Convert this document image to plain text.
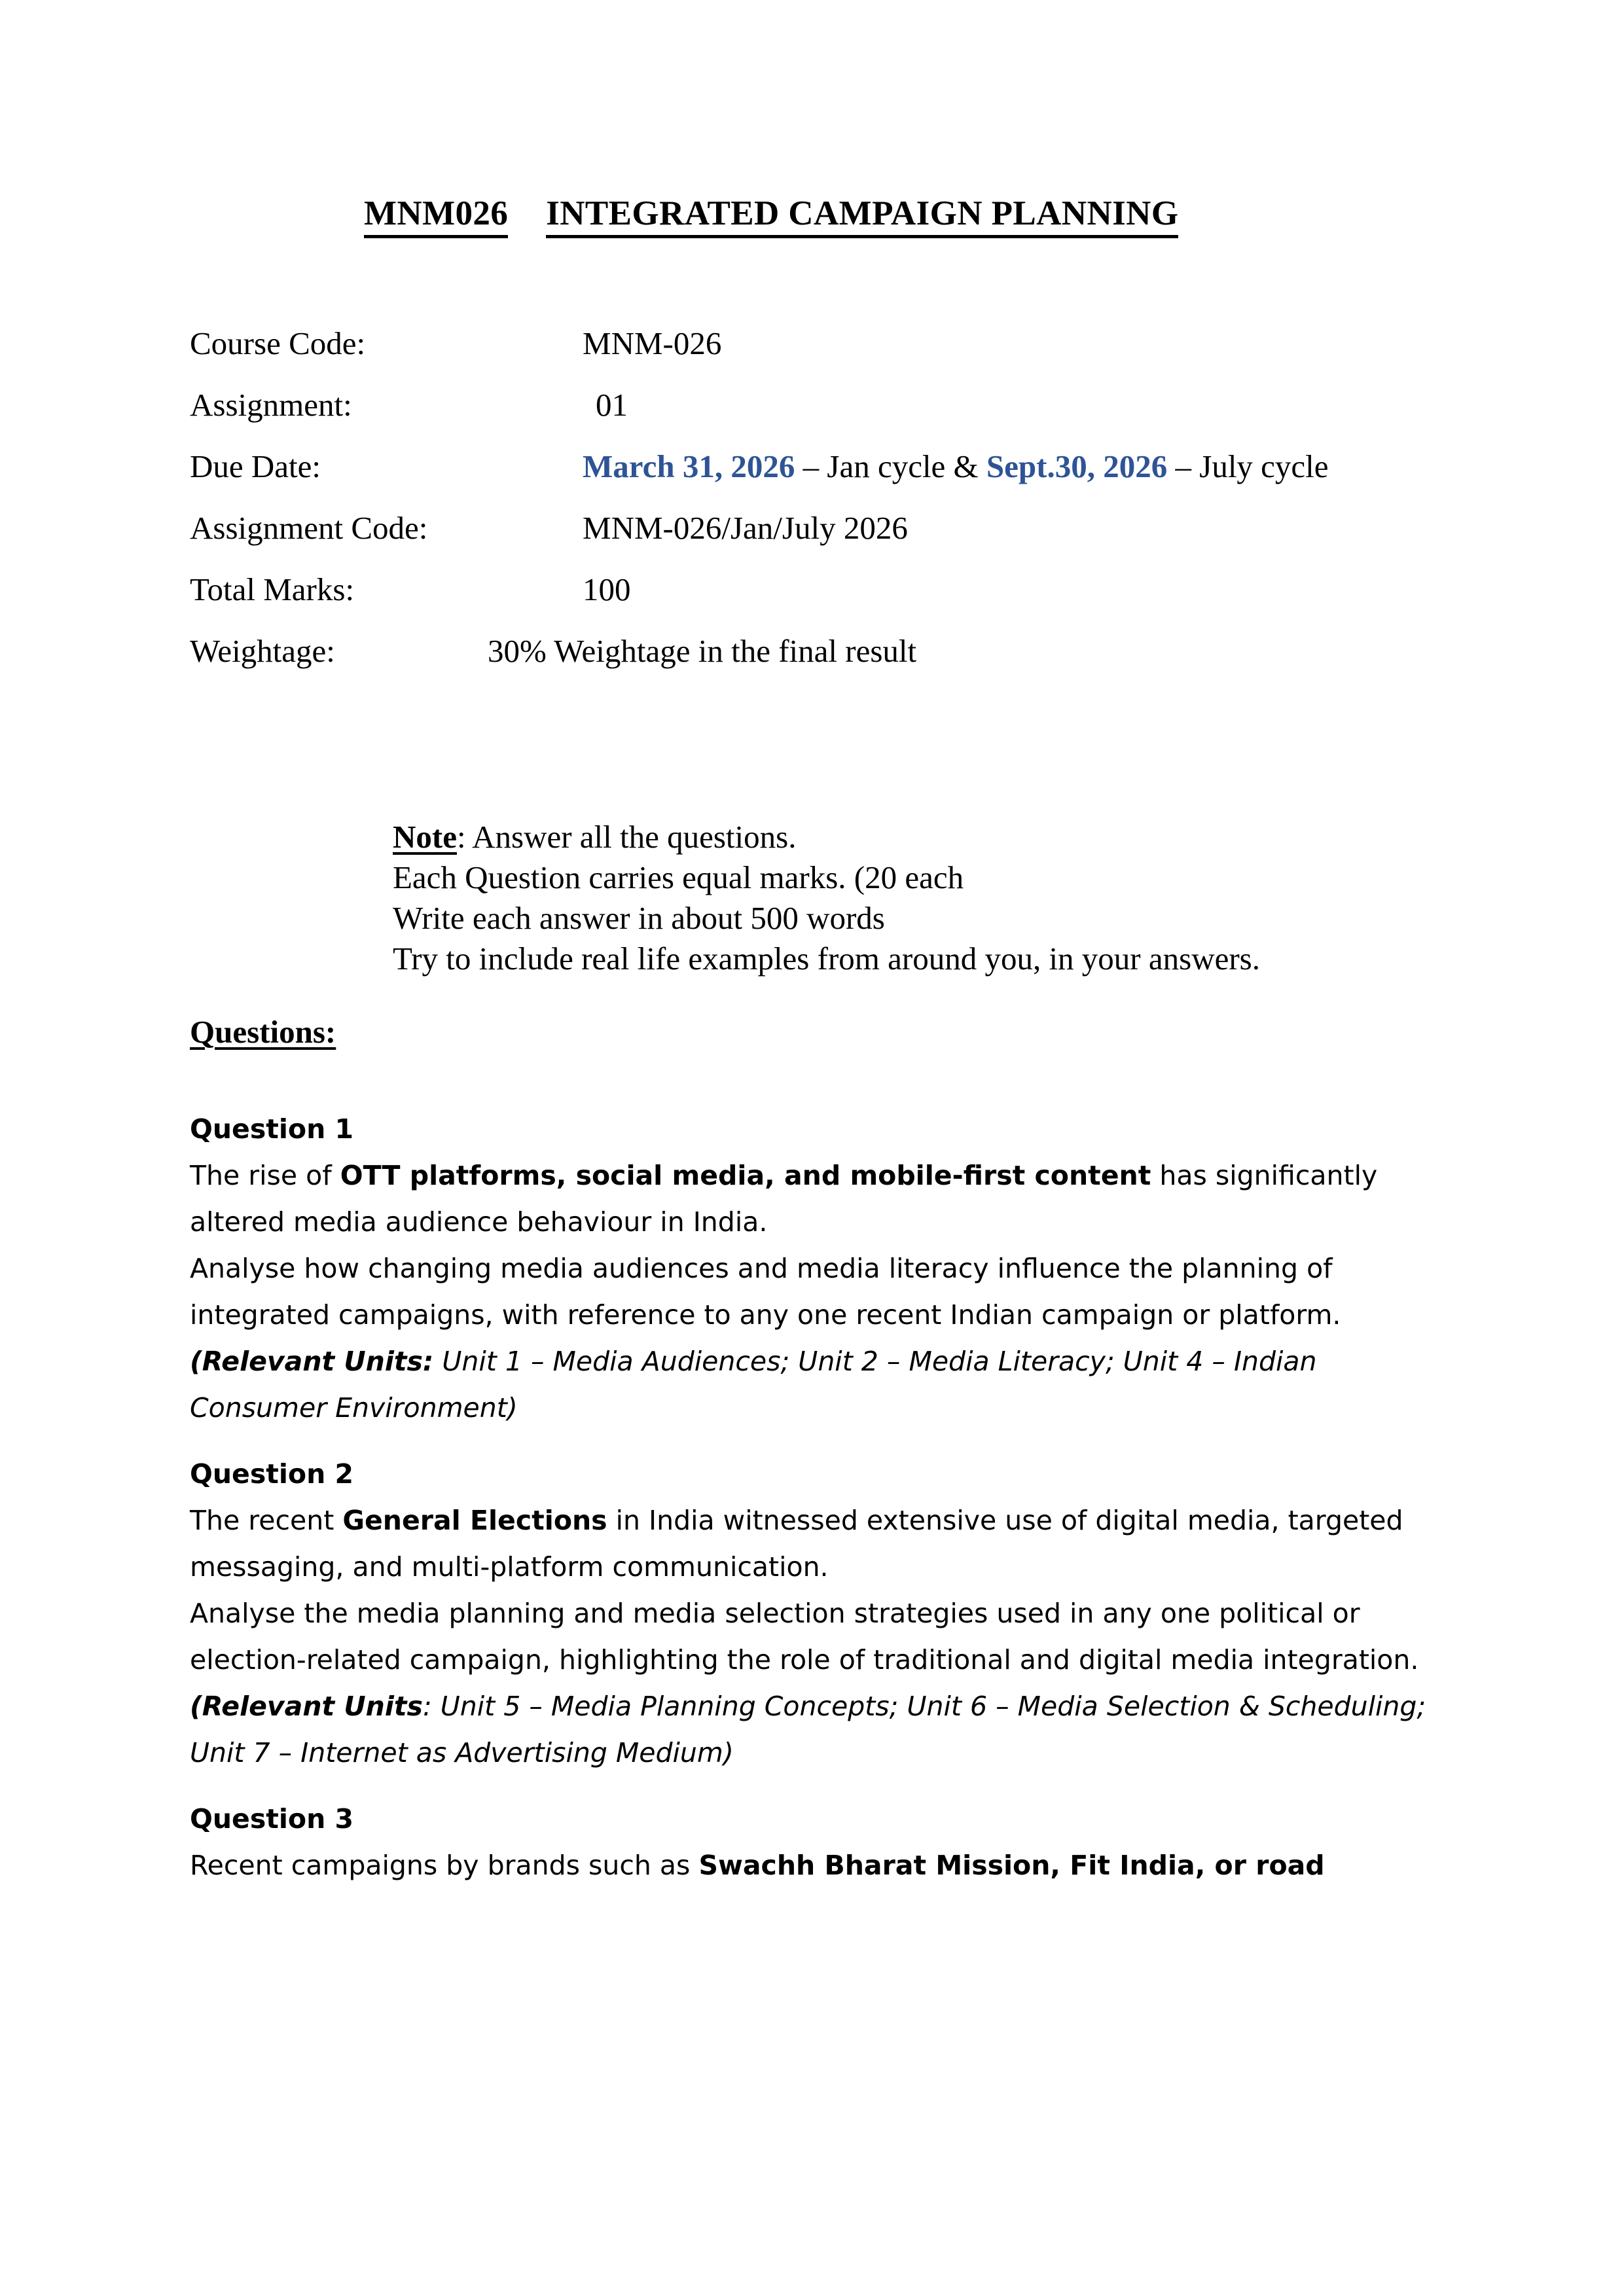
MNM026 INTEGRATED CAMPAIGN PLANNING
Course Code:	MNM-026
Assignment:	01
Due Date:	March 31, 2026 – Jan cycle & Sept.30, 2026 – July cycle
Assignment Code:	MNM-026/Jan/July 2026
Total Marks:	100
Weightage:	30% Weightage in the final result
Note: Answer all the questions.
Each Question carries equal marks. (20 each
Write each answer in about 500 words
Try to include real life examples from around you, in your answers.
Questions:
Question 1
The rise of OTT platforms, social media, and mobile-first content has significantly altered media audience behaviour in India.
Analyse how changing media audiences and media literacy influence the planning of integrated campaigns, with reference to any one recent Indian campaign or platform.
(Relevant Units: Unit 1 – Media Audiences; Unit 2 – Media Literacy; Unit 4 – Indian Consumer Environment)
Question 2
The recent General Elections in India witnessed extensive use of digital media, targeted messaging, and multi-platform communication.
Analyse the media planning and media selection strategies used in any one political or election-related campaign, highlighting the role of traditional and digital media integration.
(Relevant Units: Unit 5 – Media Planning Concepts; Unit 6 – Media Selection & Scheduling; Unit 7 – Internet as Advertising Medium)
Question 3
Recent campaigns by brands such as Swachh Bharat Mission, Fit India, or road
